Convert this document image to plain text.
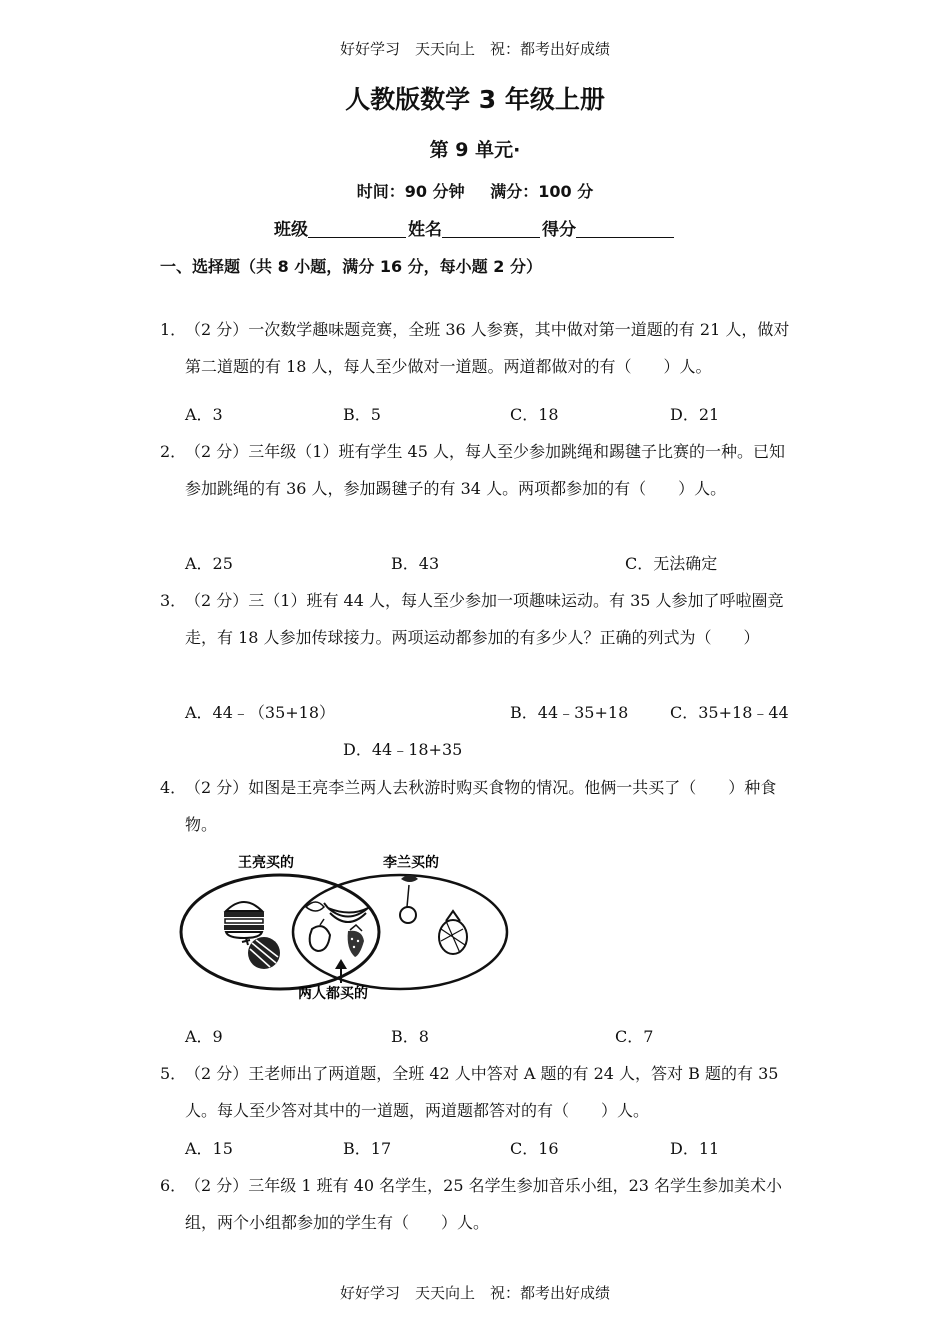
好好学习　天天向上　祝：都考出好成绩
人教版数学 3 年级上册
第 9 单元·
时间：90 分钟 满分：100 分
班级	姓名	得分
一、选择题（共 8 小题，满分 16 分，每小题 2 分）
1．
（2 分）一次数学趣味题竞赛，全班 36 人参赛，其中做对第一道题的有 21 人，做对第二道题的有 18 人，每人至少做对一道题。两道都做对的有（　　）人。
A．3	B．5	C．18	D．21
2．
（2 分）三年级（1）班有学生 45 人，每人至少参加跳绳和踢毽子比赛的一种。已知参加跳绳的有 36 人，参加踢毽子的有 34 人。两项都参加的有（　　）人。
A．25	B．43	C．无法确定
3．
（2 分）三（1）班有 44 人，每人至少参加一项趣味运动。有 35 人参加了呼啦圈竞走，有 18 人参加传球接力。两项运动都参加的有多少人？正确的列式为（　　）
A．44﹣（35+18）	B．44﹣35+18	C．35+18﹣44
D．44﹣18+35
4．
（2 分）如图是王亮李兰两人去秋游时购买食物的情况。他俩一共买了（　　）种食物。
王亮买的	李兰买的
两人都买的
A．9	B．8	C．7
5．
（2 分）王老师出了两道题，全班 42 人中答对 A 题的有 24 人，答对 B 题的有 35 人。每人至少答对其中的一道题，两道题都答对的有（　　）人。
A．15	B．17	C．16	D．11
6．
（2 分）三年级 1 班有 40 名学生，25 名学生参加音乐小组，23 名学生参加美术小组，两个小组都参加的学生有（　　）人。
好好学习　天天向上　祝：都考出好成绩
